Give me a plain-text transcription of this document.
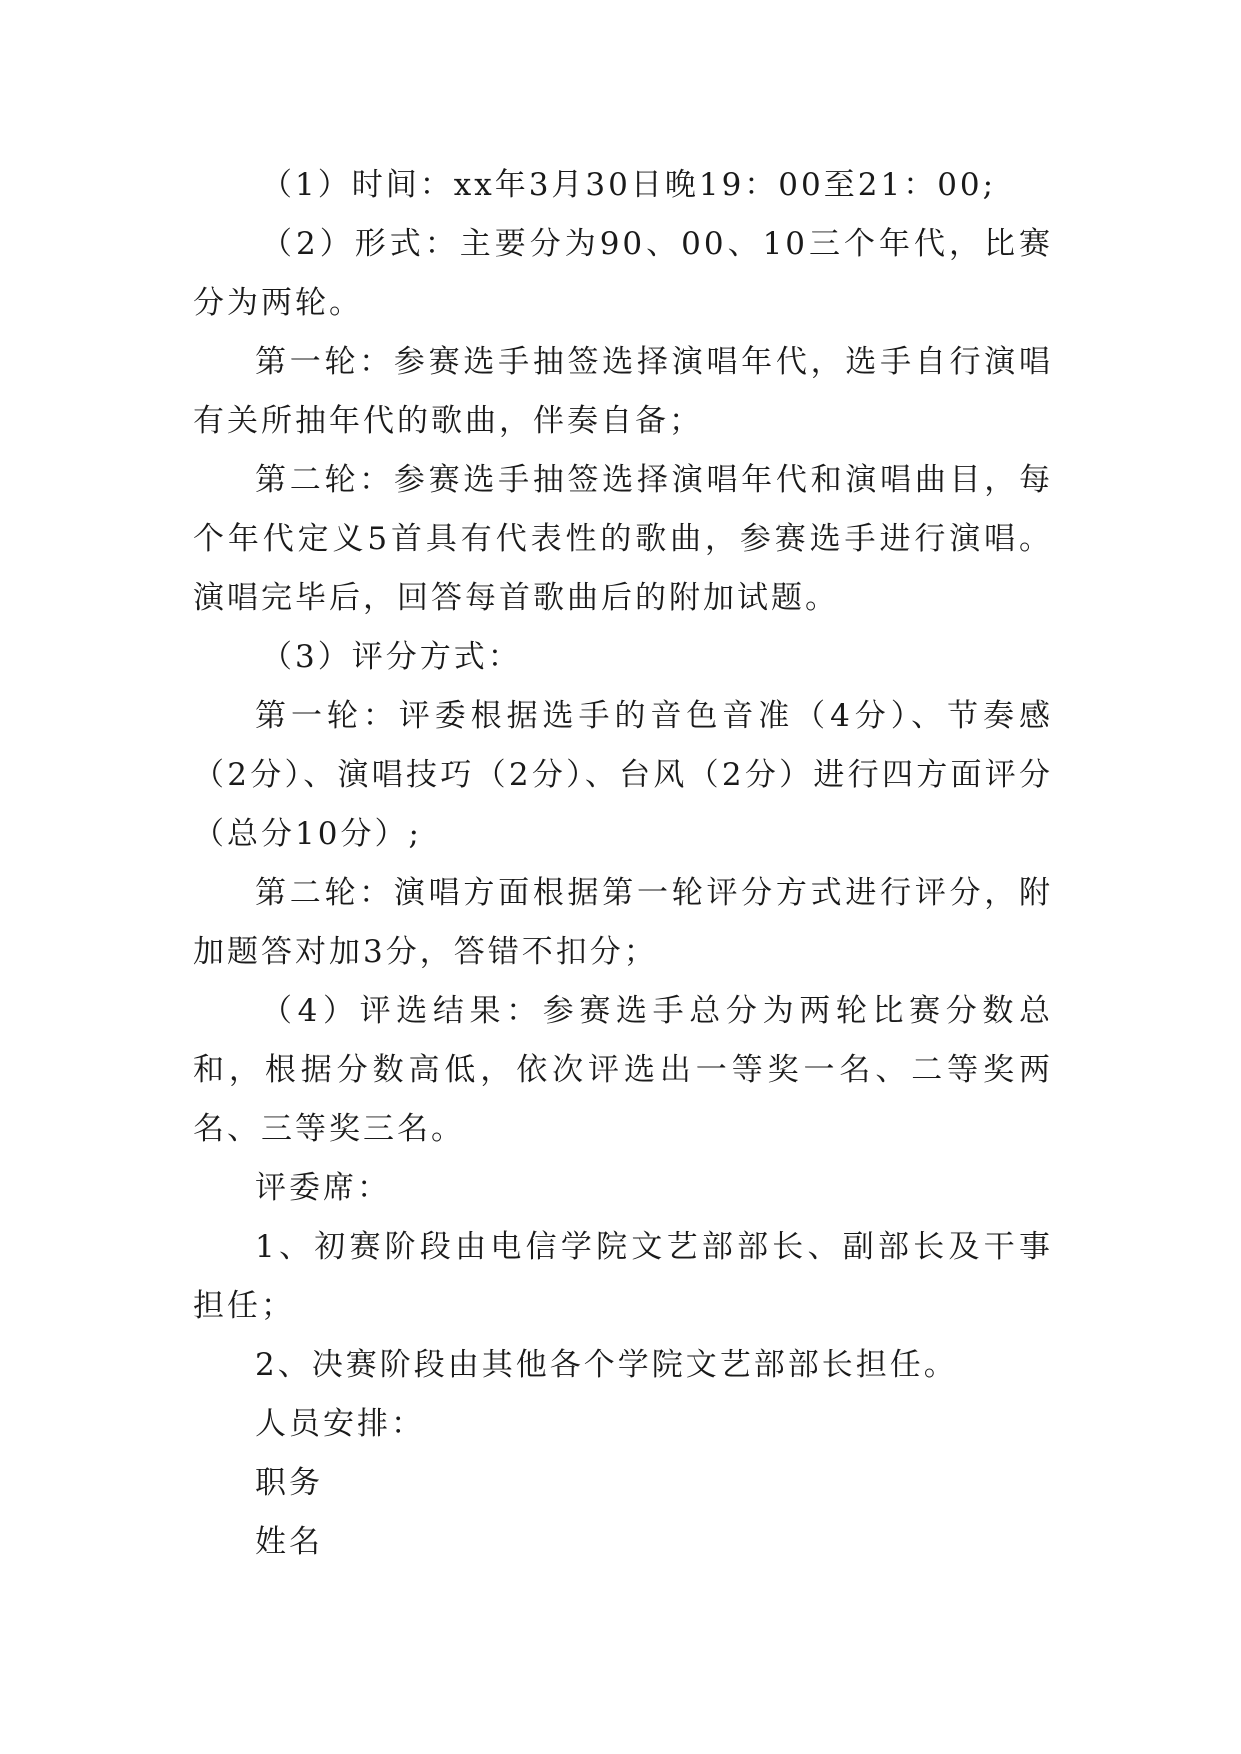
（1）时间：xx年3月30日晚19：00至21：00;

（2）形式：主要分为90、00、10三个年代，比赛分为两轮。

第一轮：参赛选手抽签选择演唱年代，选手自行演唱有关所抽年代的歌曲，伴奏自备；

第二轮：参赛选手抽签选择演唱年代和演唱曲目，每个年代定义5首具有代表性的歌曲，参赛选手进行演唱。演唱完毕后，回答每首歌曲后的附加试题。

（3）评分方式：

第一轮：评委根据选手的音色音准（4分）、节奏感（2分）、演唱技巧（2分）、台风（2分）进行四方面评分（总分10分）;

第二轮：演唱方面根据第一轮评分方式进行评分，附加题答对加3分，答错不扣分；

（4）评选结果：参赛选手总分为两轮比赛分数总和，根据分数高低，依次评选出一等奖一名、二等奖两名、三等奖三名。

评委席：

1、初赛阶段由电信学院文艺部部长、副部长及干事担任；

2、决赛阶段由其他各个学院文艺部部长担任。

人员安排：

职务

姓名
